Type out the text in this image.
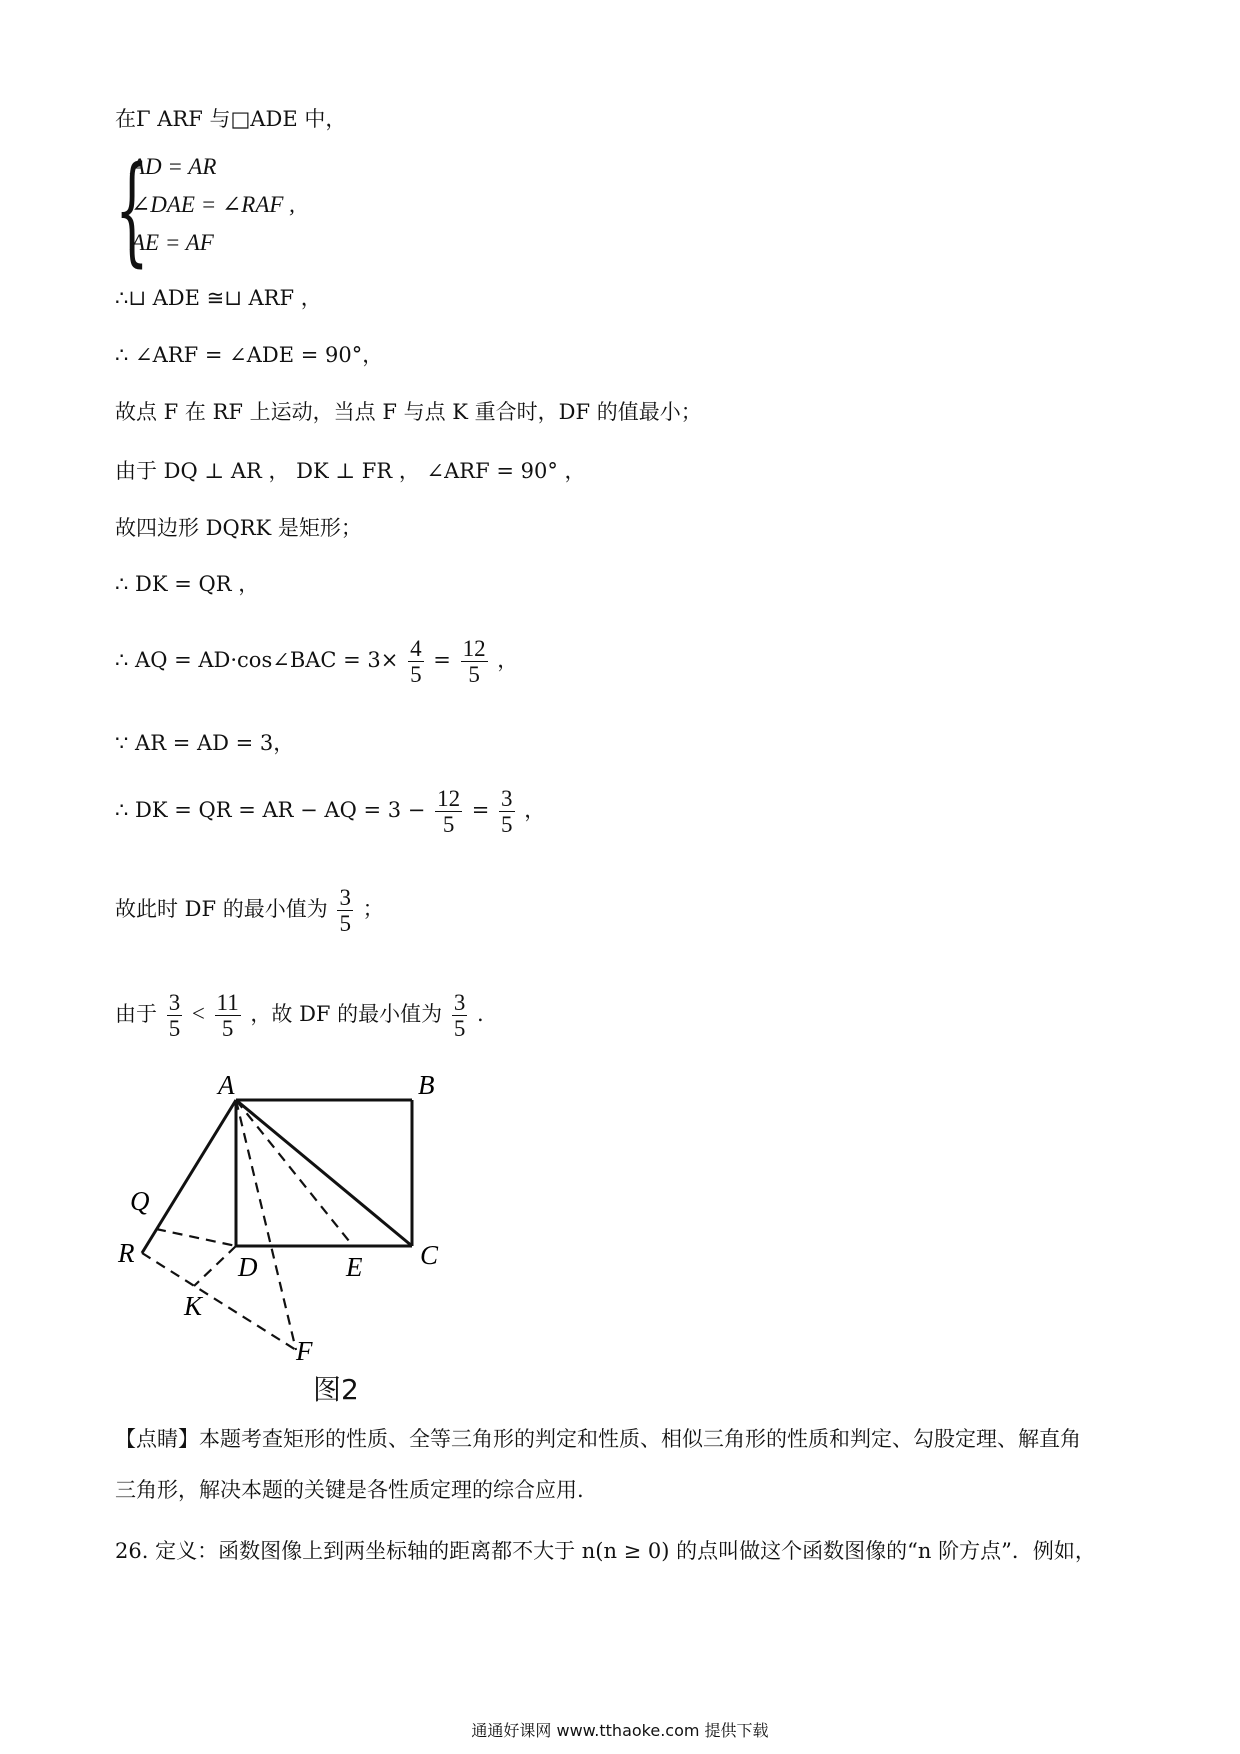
在Γ ARF 与□ADE 中，
{
AD = AR
∠DAE = ∠RAF ,
AE = AF
∴⊔ ADE ≅⊔ ARF ，
∴ ∠ARF = ∠ADE = 90°，
故点 F 在 RF 上运动，当点 F 与点 K 重合时，DF 的值最小；
由于 DQ ⊥ AR ， DK ⊥ FR ， ∠ARF = 90° ，
故四边形 DQRK 是矩形；
∴ DK = QR ，
∴ AQ = AD·cos∠BAC = $3\times \frac{4}{5} = \frac{12}{5}$ ，
∵ AR = AD = 3，
∴ DK = QR = AR − AQ = $3 - \frac{12}{5} = \frac{3}{5}$ ，
故此时 DF 的最小值为 $\frac{3}{5}$ ；
由于 $\frac{3}{5} < \frac{11}{5}$ ，故 DF 的最小值为 $\frac{3}{5}$ .
A	B
C
D	E
Q
R
K
F
图2
【点睛】本题考查矩形的性质、全等三角形的判定和性质、相似三角形的性质和判定、勾股定理、解直角
三角形，解决本题的关键是各性质定理的综合应用.
26. 定义：函数图像上到两坐标轴的距离都不大于 n(n ≥ 0) 的点叫做这个函数图像的“n 阶方点”．例如，
通通好课网 www.tthaoke.com 提供下载
